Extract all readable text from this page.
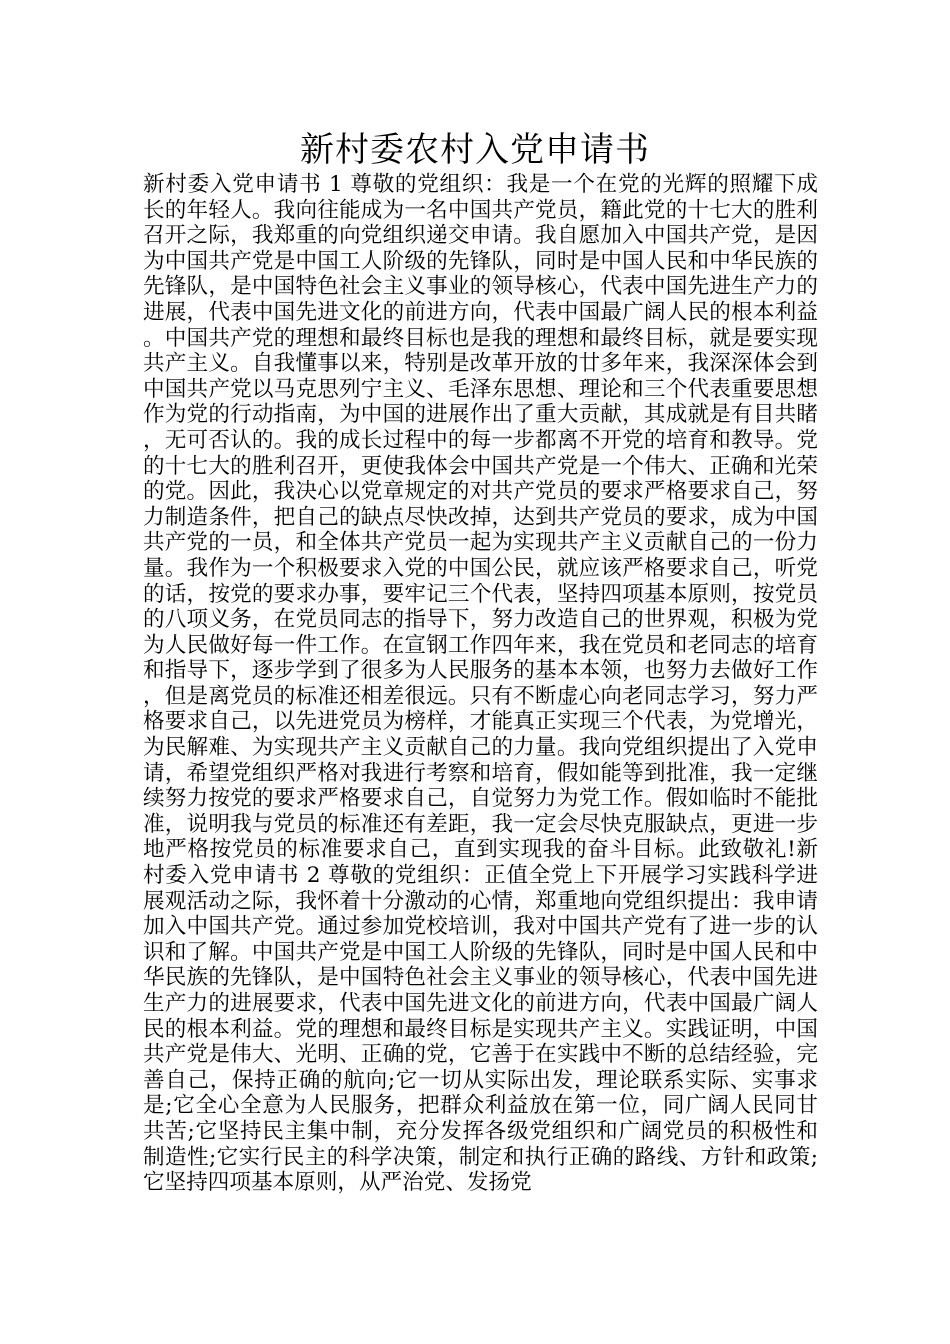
新村委农村入党申请书

新村委入党申请书 1 尊敬的党组织：我是一个在党的光辉的照耀下成长的年轻人。我向往能成为一名中国共产党员，籍此党的十七大的胜利召开之际，我郑重的向党组织递交申请。我自愿加入中国共产党，是因为中国共产党是中国工人阶级的先锋队，同时是中国人民和中华民族的先锋队，是中国特色社会主义事业的领导核心，代表中国先进生产力的进展，代表中国先进文化的前进方向，代表中国最广阔人民的根本利益。中国共产党的理想和最终目标也是我的理想和最终目标，就是要实现共产主义。自我懂事以来，特别是改革开放的廿多年来，我深深体会到中国共产党以马克思列宁主义、毛泽东思想、理论和三个代表重要思想作为党的行动指南，为中国的进展作出了重大贡献，其成就是有目共睹，无可否认的。我的成长过程中的每一步都离不开党的培育和教导。党的十七大的胜利召开，更使我体会中国共产党是一个伟大、正确和光荣的党。因此，我决心以党章规定的对共产党员的要求严格要求自己，努力制造条件，把自己的缺点尽快改掉，达到共产党员的要求，成为中国共产党的一员，和全体共产党员一起为实现共产主义贡献自己的一份力量。我作为一个积极要求入党的中国公民，就应该严格要求自己，听党的话，按党的要求办事，要牢记三个代表，坚持四项基本原则，按党员的八项义务，在党员同志的指导下，努力改造自己的世界观，积极为党为人民做好每一件工作。在宣钢工作四年来，我在党员和老同志的培育和指导下，逐步学到了很多为人民服务的基本本领，也努力去做好工作，但是离党员的标准还相差很远。只有不断虚心向老同志学习，努力严格要求自己，以先进党员为榜样，才能真正实现三个代表，为党增光，为民解难、为实现共产主义贡献自己的力量。我向党组织提出了入党申请，希望党组织严格对我进行考察和培育，假如能等到批准，我一定继续努力按党的要求严格要求自己，自觉努力为党工作。假如临时不能批准，说明我与党员的标准还有差距，我一定会尽快克服缺点，更进一步地严格按党员的标准要求自己，直到实现我的奋斗目标。此致敬礼!新村委入党申请书 2 尊敬的党组织：正值全党上下开展学习实践科学进展观活动之际，我怀着十分激动的心情，郑重地向党组织提出：我申请加入中国共产党。通过参加党校培训，我对中国共产党有了进一步的认识和了解。中国共产党是中国工人阶级的先锋队，同时是中国人民和中华民族的先锋队，是中国特色社会主义事业的领导核心，代表中国先进生产力的进展要求，代表中国先进文化的前进方向，代表中国最广阔人民的根本利益。党的理想和最终目标是实现共产主义。实践证明，中国共产党是伟大、光明、正确的党，它善于在实践中不断的总结经验，完善自己，保持正确的航向;它一切从实际出发，理论联系实际、实事求是;它全心全意为人民服务，把群众利益放在第一位，同广阔人民同甘共苦;它坚持民主集中制，充分发挥各级党组织和广阔党员的积极性和制造性;它实行民主的科学决策，制定和执行正确的路线、方针和政策;它坚持四项基本原则，从严治党、发扬党
